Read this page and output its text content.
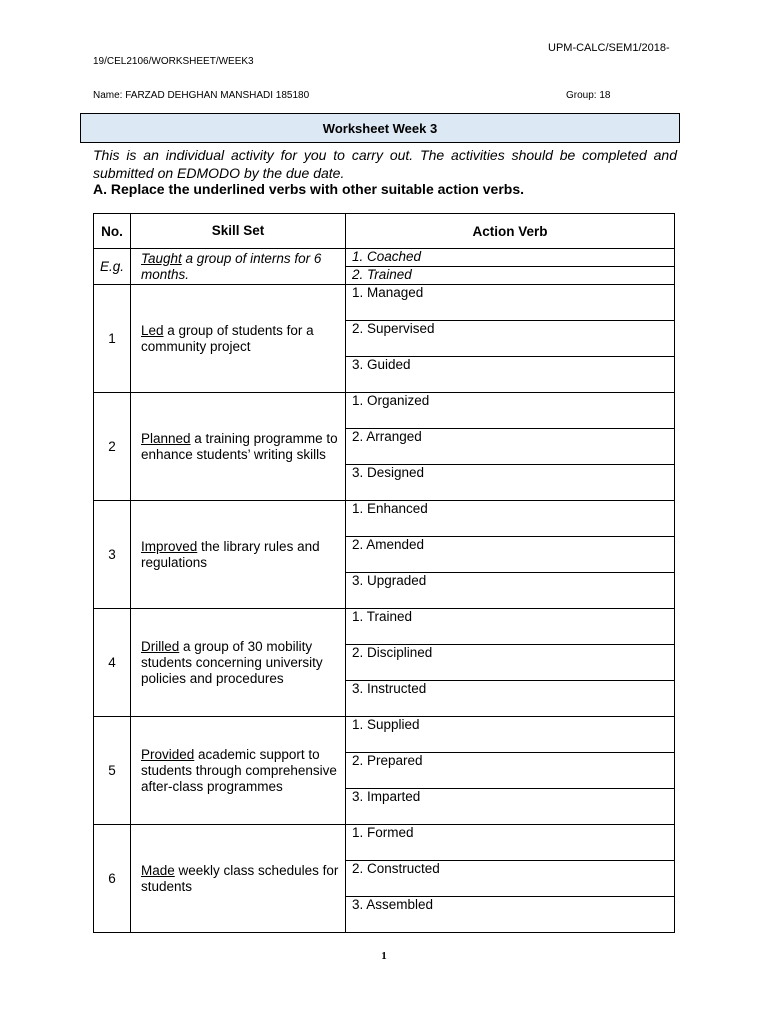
UPM-CALC/SEM1/2018-
19/CEL2106/WORKSHEET/WEEK3
Name: FARZAD DEHGHAN MANSHADI 185180	Group: 18
Worksheet Week 3
This is an individual activity for you to carry out. The activities should be completed and submitted on EDMODO by the due date.
A. Replace the underlined verbs with other suitable action verbs.
No.	Skill Set	Action Verb
E.g.	Taught a group of interns for 6 months.	1. Coached
		2. Trained
1	Led a group of students for a community project	1. Managed
		2. Supervised
		3. Guided
2	Planned a training programme to enhance students’ writing skills	1. Organized
		2. Arranged
		3. Designed
3	Improved the library rules and regulations	1. Enhanced
		2. Amended
		3. Upgraded
4	Drilled a group of 30 mobility students concerning university policies and procedures	1. Trained
		2. Disciplined
		3. Instructed
5	Provided academic support to students through comprehensive after-class programmes	1. Supplied
		2. Prepared
		3. Imparted
6	Made weekly class schedules for students	1. Formed
		2. Constructed
		3. Assembled
1
